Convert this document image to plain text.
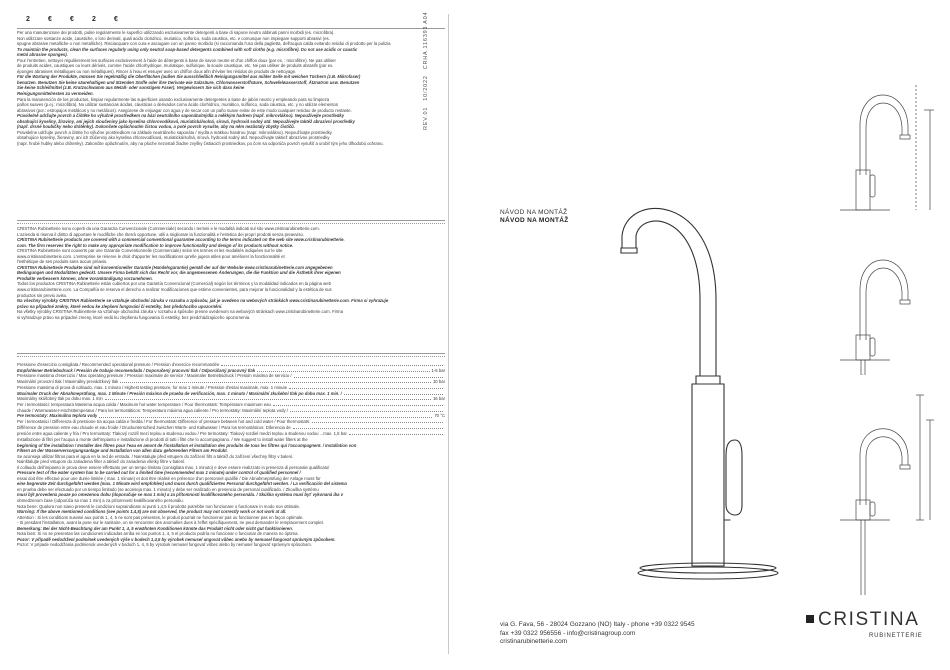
2 € € 2 €

Per una manutenzione dei prodotti, pulire regolarmente le superfici utilizzando esclusivamente detergenti a base di sapone neutro abbinati panni morbidi (es. microfibra).

Non utilizzare sostanze acide, caustiche, o loro derivati, quali acido cloridrico, muriatico, solforico, soda caustica, etc. e comunque non impiegare supporti abrasivi (es.

spugne abrasive metalliche o non metalliche). Risciacquare con cura e asciugare con un panno morbido (si raccomanda l'uso della paglietta, dell'acqua calda evitando residui di prodotto per la pulizia

To maintain the products, clean the surfaces regularly using only neutral soap-based detergents combined with soft cloths (e.g. microfibre). Do not use acidic or caustic

metal abrasive sponges).

Pour l'entretien, nettoyer régulièrement les surfaces exclusivement à l'aide de détergents à base de savon neutre et d'un chiffon doux (par ex. : microfibre). Ne pas utiliser

de produits acides, caustiques ou leurs dérivés, comme l'acide chlorhydrique, muriatique, sulfurique, la soude caustique, etc. Ne pas utiliser de produits abrasifs (par ex.

éponges abrasives métalliques ou non métalliques). Rincer à l'eau et essuyer avec un chiffon doux afin d'éviter les résidus de produits de nettoyage.

Für die Wartung der Produkte, müssen Sie regelmäßig die Oberflächen (außen Sie ausschließlich Reinigungsmittel aus milder Seife mit weichen Tüchern (z.B. Mikrofaser)

benutzen. Benutzen Sie keine säurehaltigen und ätzenden Stoffe oder ihre Derivate wie Salzsäure, Chlorwasserstoffsäure, Schwefelwasserstoff, Ätznatron usw. Benutzen

Sie keine Schleifmittel (z.B. Kratzschwamm aus Metall- oder sonstigem Faser). Vergewissern Sie sich dass keine

Reinigungsmittelresten zu vermeiden.

Para la manutención de los productos, limpiar regularmente las superficies usando exclusivamente detergentes a base de jabón neutro y empleando para su limpieza

paños suaves (p.ej.: microfibra). No utilizar sustancias ácidas, cáusticas o derivados como ácido clorhídrico, muriático, sulfúrico, soda cáustica, etc. y no utilizar elementos

abrasivos (por.: estropajos metálicos y no metálicos). Asegúrese de enjuagar con agua y de secar con un paño suave evitar de este modo cualquier residuo de producto restante.

Pravidelně udržujte povrch a čištěte ho výlučně prostředkem na bázi neutrálního saponátu/mýdla a měkkým hadrem (např. mikrovlákno). Nepoužívejte prostředky

obsahující kyseliny, žíraviny, ani jejich sloučeniny jako kyselina chlorovodíková, muriatická/solná, sírová, hydroxid sodný atd. Nepoužívejte taktéž abrazivní prostředky

(např. drsné houbičky nebo drátěnky). Dokončete opláchnutím čistou vodou, a poté povrch vysušte, aby na něm nezůstaly zbytky čističů.

Pravidelne udržujte povrch a čistite ho výlučne prostriedkom na základe neutrálneho saponátu / mydla a mäkkou handrou (napr. mikrovlákno). Nepoužívajte prostriedky

obsahujúce kyseliny, žieraviny, ani ich zlúčeniny ako kyselina chlorovodíková, muriatická/soľná, sírová, hydroxid sodný atď. Nepoužívajte taktiež abrazívne prostriedky

(napr. hrubé hubky alebo drôtenky). Zakončite opláchnutím, aby na ploche nezostali žiadne zvyšky čistiacich prostriedkov, po čom sa odporúča povrch vysušiť a urobiť tým jeho dlhodobú ochranu.

CRISTINA Rubinetterie sono coperti da una Garanzia Convenzionale (Commerciale) secondo i termini e le modalità indicati sul sito www.cristinarubinetterie.com.

L'azienda si riserva il diritto di apportare le modifiche che riterrà opportune, utili a migliorare la funzionalità e l'estetica dei propri prodotti senza preavviso.

CRISTINA Rubinetterie products are covered with a commercial conventional guarantee according to the terms indicated on the web site www.cristinarubinetterie.

com. The firm reserves the right to make any appropriate modification to improve functionality and design of its products without notice.

CRISTINA Rubinetterie sont couverts par une Garantie Conventionnelle (Commerciale) selon les termes et les modalités indiquées sur le site

www.cristinarubinetterie.com. L'entreprise se réserve le droit d'apporter les modifications qu'elle jugera utiles pour améliorer la fonctionnalité et

l'esthétique de ses produits sans aucun préavis.

CRISTINA Rubinetterie Produkte sind mit konventioneller Garantie (Handelsgarantie) gemäß der auf der Website www.cristinarubinetterie.com angegebenen

Bedingungen und Modalitäten gedeckt. Unsere Firma behält sich das Recht vor, die angemessenen Änderungen, die die Funktion und die Ästhetik ihrer eigenen

Produkte verbessern können, ohne Vorankündigung vorzunehmen.

Todos los productos CRISTINA Rubinetterie están cubiertos por una Garantía Convencional (Comercial) según los términos y la modalidad indicados en la página web

www.cristinarubinetterie.com. La Compañía se reserva el derecho a realizar modificaciones que estime convenientes, para mejorar la funcionalidad y la estética de sus

productos sin previo aviso.

Na všechny výrobky CRISTINA Rubinetterie se vztahuje obchodní záruka v rozsahu a způsobu, jak je uvedeno na webových stránkách www.cristinarubinetterie.com. Firma si vyhrazuje

právo na případné změny, které vedou ke zlepšení fungování či estetiky, bez předchozího upozornění.

Na všetky výrobky CRISTINA Rubinetterie sa vzťahuje obchodná záruka v rozsahu a spôsobe presne uvedenom na webových stránkach www.cristinarubinetterie.com. Firma

si vyhradzuje právo na prípadné zmeny, ktoré vedú ku zlepšeniu fungovania či estetiky, bez predchádzajúceho upozornenia.

Pressione d'esercizio consigliata / Recommended operational pressure / Pression d'exercice recommandée
Empfohlener Betriebsdruck / Presión de trabajo recomendada / Doporučený pracovní tlak / Odporúčaný pracovný tlak	1-5 bar
Pressione massima d'esercizio / Max operating pressure / Pression maximale de service / Maximaler Betriebsdruck / Presión máxima de servicio /
Maximální provozní tlak / Maximálny prevádzkový tlak	10 bar
Pressione massima di prova di collaudo, max. 1 minuto / Highest testing pressure, for max 1 minute / Pression d'essai maximale, max. 1 minute
Maximaler Druck der Abnahmeprüfung, max. 1 Minute / Presión máxima de prueba de verificación, max. 1 minuto / Maximální zkušební tlak po dobu max. 1 min. /
Maximálny skúšobný tlak po dobu max. 1 min	16 bar
Per i termostatici: temperatura Massima acqua calda / Maximum hot water temperature / Pour thermostats: Température maximum eau
chaude / Warmwasser-Höchsttemperatur / Para los termostáticos: Temperatura máxima agua caliente / Pro termostaty: Maximální teplota vody /
Pre termostaty: Maximálna teplota vody	70 °C
Per i termostatici / Differenza di pressione tra acqua calda e fredda / For thermostats: Difference of pressure between hot and cold water / Pour thermostats:
Différence de pression entre eau chaude et eau froide / Druckunterschied zwischen Warm- und Kaltwasser / Para los termostáticos: Diferencia de
presión entre agua caliente y fría / Pro termostaty: Tlakový rozdíl mezi teplou a studenou vodou / Pre termostaty: Tlakový rozdiel medzi teplou a studenou vodou ...max. 1,5 bar

Installazione di filtri per l'acqua a monte dell'impianto e installazione di prodotti di tutti i filtri che lo accompagnano. / We suggest to install water filters at the

beginning of the installation / Installer des filtres pour l'eau en amont de l'installation et installation des produits de tous les filtres qui l'accompagnent. / Installation von

Filtern an der Wasserversorgungsanlage und Installation von allen dazu gehörenden Filtern am Produkt.

Se aconseja utilizar filtros para el agua en la red de entrada. / Nainstalujte před vstupem do zařízení filtr a taktéž do zařízení všechny filtry v balení.

Nainštalujte pred vstupom do zariadenia filter a taktiež do zariadenia všetky filtre v balení.

Il collaudo dell'impianto in prova deve essere effettuato per un tempo limitato (consigliata max. 1 minuto) e deve essere realizzato in presenza di personale qualificato/

Pressure test of the water system has to be carried out for a limited time (recommended max 1 minute) under control of qualified personnel /

essai doit être effectué pour une durée limitée ( max. 1 minute) et doit être réalisé en présence d'un personnel qualifié / Die Abnahmeprüfung der Anlage muss für

eine begrenzte Zeit durchgeführt werden (max. 1 Minute wird empfohlen) und muss durch qualifiziertes Personal durchgeführt werden. / La verificación del sistema

en prueba debe ser efectuado por un tiempo limitado (se aconseja max. 1 minuto) y debe ser realizado en presencia de personal cualificado. / Zkouška systému

musí být provedena pouze po omezenou dobu (doporučuje se max 1 min) a za přítomnosti kvalifikovaného personálu. / Skúška systému musí byť vykonaná iba v

obmedzenom čase (odporúča sa max 1 min) a za prítomnosti kvalifikovaného personálu.

Nota bene: Qualora non siano presenti le condizioni sopraindicate ai punti 1,4,5 il prodotto potrebbe non funzionare o funzionare in modo non ottimale.

Warning: If the above mentioned conditions (see points 1,4,5) are not observed, the product may not correctly work or not work at all.

Attention : Si les conditions susvisé aux points 1, 4, 5 ne sont pas présentes, le produit pourrait ne fonctionner pas ou fonctionner pas en façon optimale.

- Si presdant l'installation, avant la pose sur le sanitaire, on se rencontrer des anomalies dues à l'effet spécifiquement, ne peut demander le remplacement complet.

Bemerkung: Bei der Nicht-Beachtung der am Punkt 1, 4, 5 erwähnten Konditionen könnte das Produkt nicht oder nicht gut funktionieren.

Nota bien: Si no se presentan las condiciones indicadas arriba en los puntos 1, 4, 5 el producto podría no funcionar o funcionar de manera no óptima.

Pozor: V případě nedodržení podmínek uvedených výše v bodech 1,4,5 by výrobek nemusel ungovat vůbec anebo by nemusel fungovat správným způsobem.

Pozor: V prípade nedodržania podmienok uvedených v bodoch 1, 4, 5 by výrobok nemusel fungovať vôbec alebo by nemusel fungovať správnym spôsobom.

REV.0110/2022CRHA 116393 A04
NÁVOD NA MONTÁŽ
NÁVOD NA MONTÁŽ
via G. Fava, 56 - 28024 Gozzano (NO) Italy - phone +39 0322 9545
fax +39 0322 956556 - info@cristinagroup.com
cristinarubinetterie.com
CRISTINA
RUBINETTERIE
